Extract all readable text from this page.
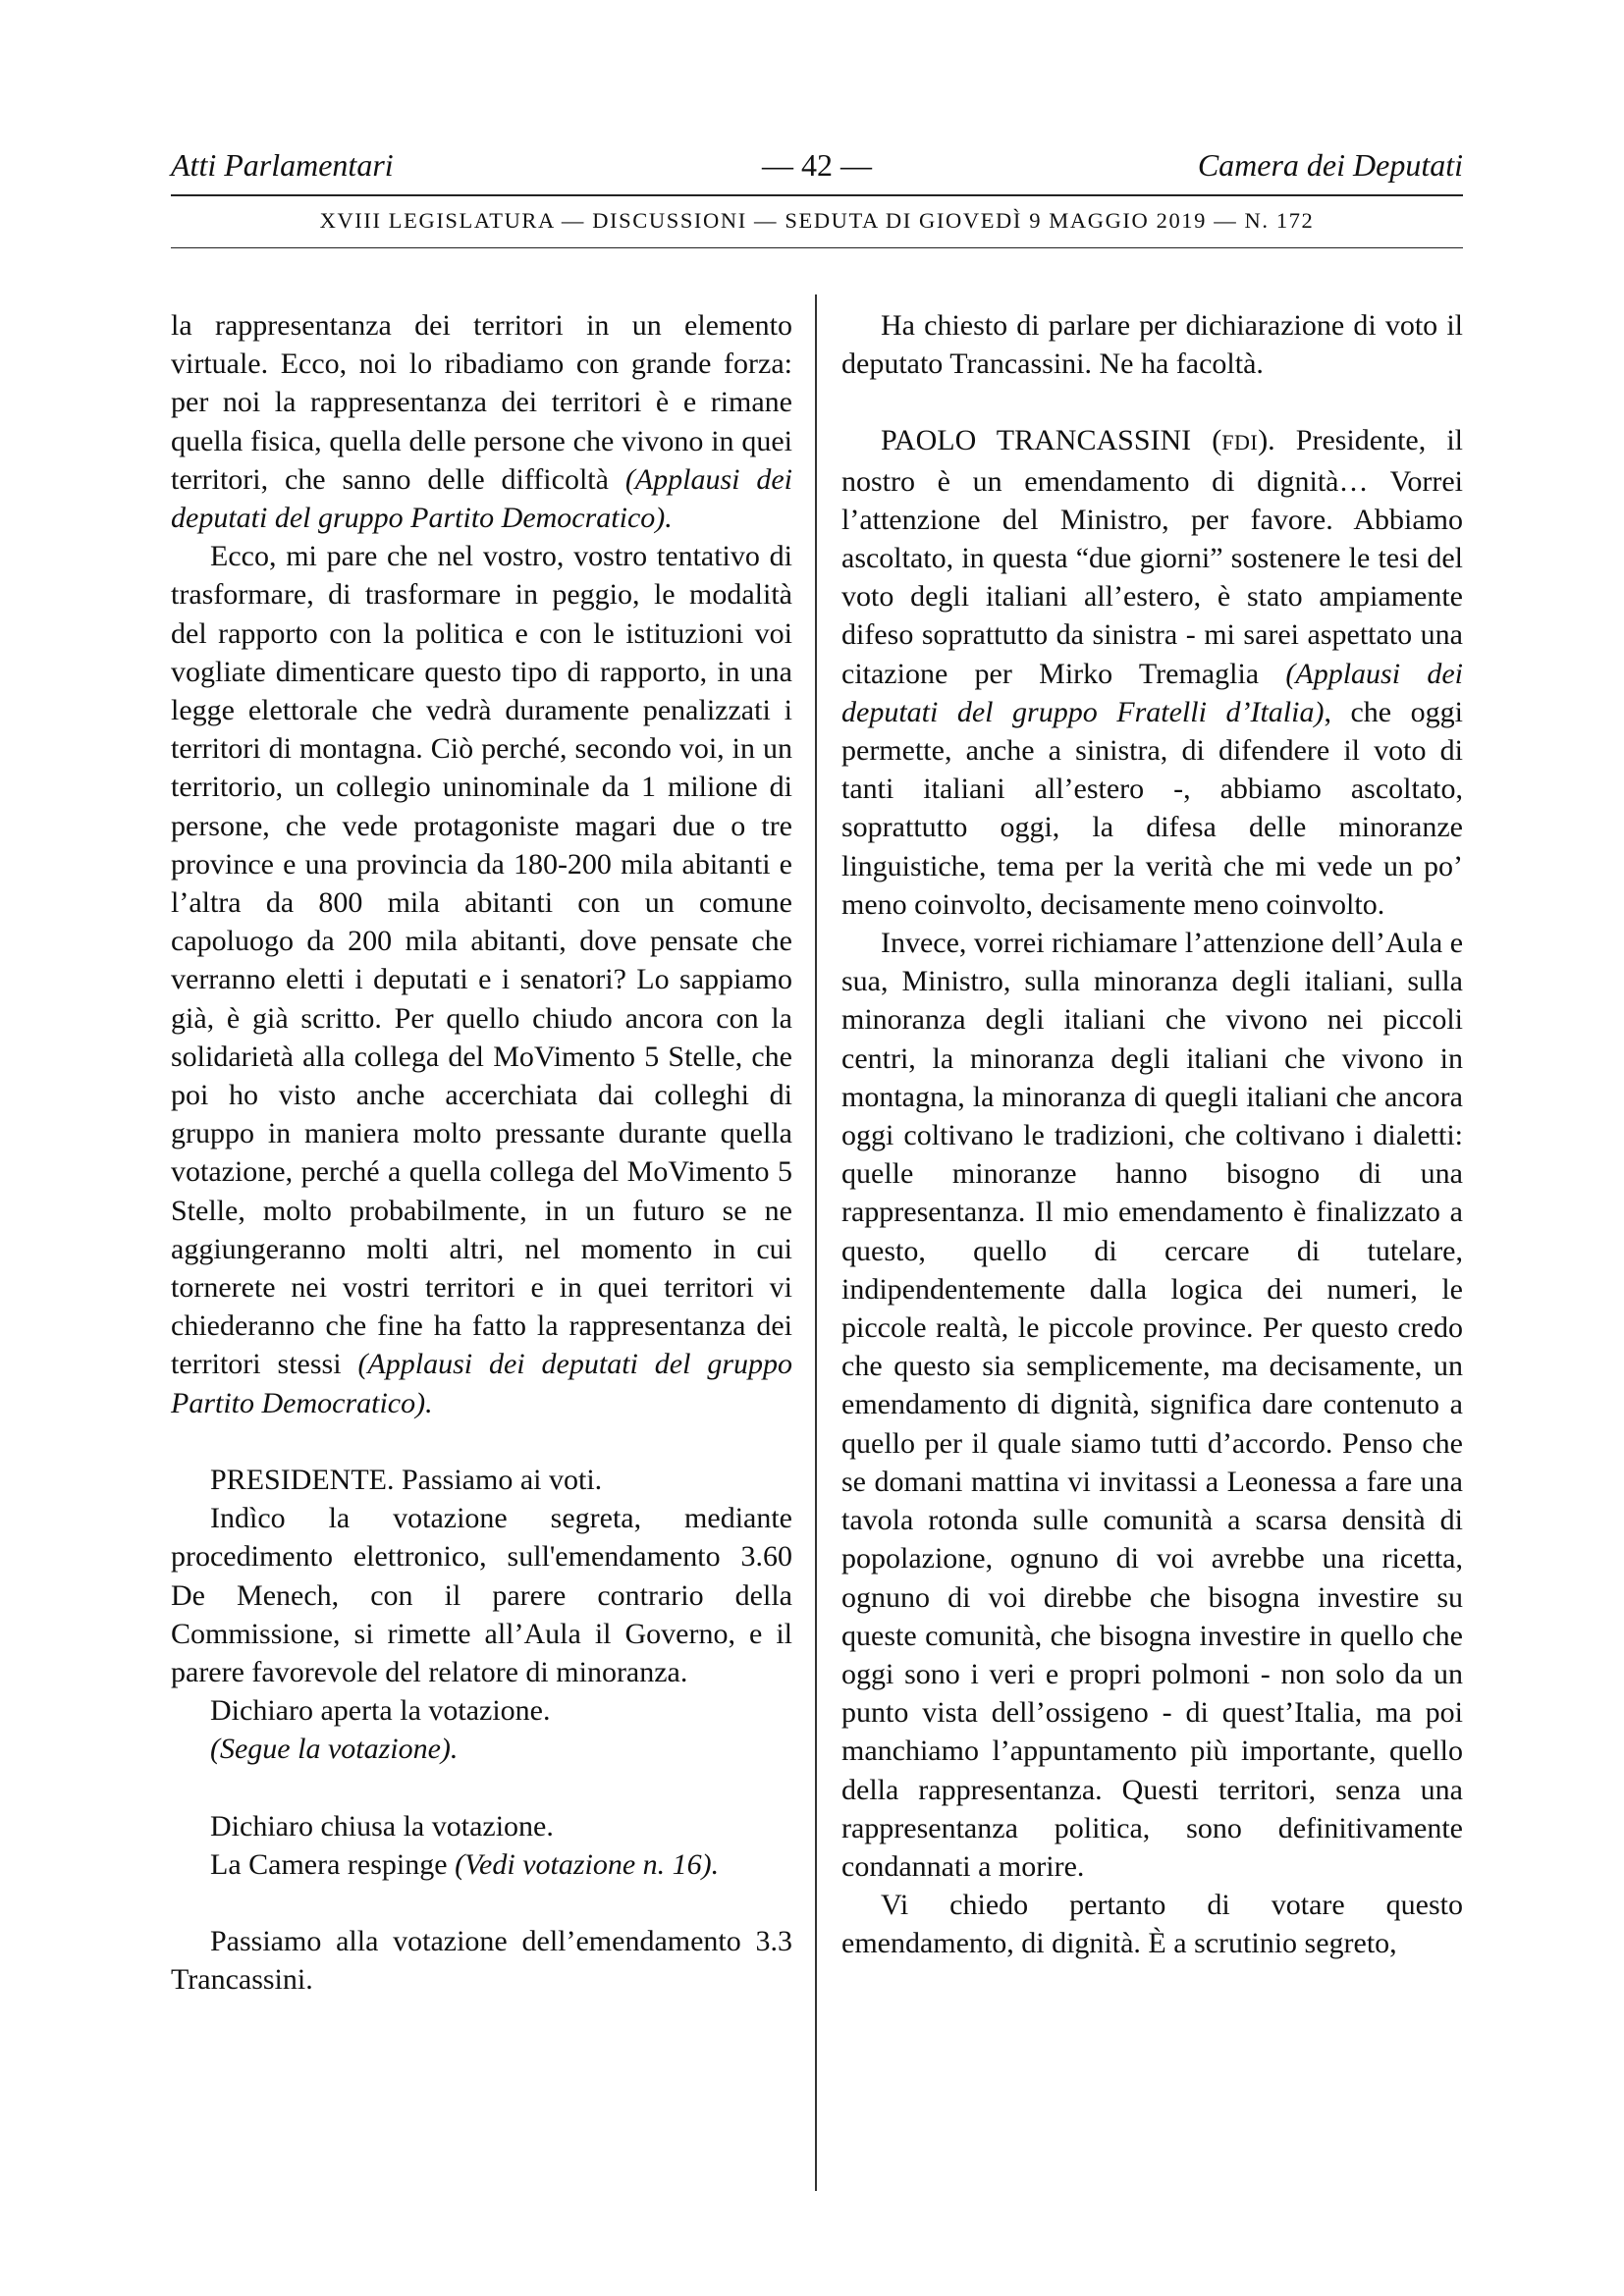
Atti Parlamentari	— 42 —	Camera dei Deputati
XVIII LEGISLATURA — DISCUSSIONI — SEDUTA DI GIOVEDÌ 9 MAGGIO 2019 — N. 172

la rappresentanza dei territori in un elemento virtuale. Ecco, noi lo ribadiamo con grande forza: per noi la rappresentanza dei territori è e rimane quella fisica, quella delle persone che vivono in quei territori, che sanno delle difficoltà (Applausi dei deputati del gruppo Partito Democratico).

Ecco, mi pare che nel vostro, vostro tentativo di trasformare, di trasformare in peggio, le modalità del rapporto con la politica e con le istituzioni voi vogliate dimenticare questo tipo di rapporto, in una legge elettorale che vedrà duramente penalizzati i territori di montagna. Ciò perché, secondo voi, in un territorio, un collegio uninominale da 1 milione di persone, che vede protagoniste magari due o tre province e una provincia da 180-200 mila abitanti e l’altra da 800 mila abitanti con un comune capoluogo da 200 mila abitanti, dove pensate che verranno eletti i deputati e i senatori? Lo sappiamo già, è già scritto. Per quello chiudo ancora con la solidarietà alla collega del MoVimento 5 Stelle, che poi ho visto anche accerchiata dai colleghi di gruppo in maniera molto pressante durante quella votazione, perché a quella collega del MoVimento 5 Stelle, molto probabilmente, in un futuro se ne aggiungeranno molti altri, nel momento in cui tornerete nei vostri territori e in quei territori vi chiederanno che fine ha fatto la rappresentanza dei territori stessi (Applausi dei deputati del gruppo Partito Democratico).

PRESIDENTE. Passiamo ai voti.

Indìco la votazione segreta, mediante procedimento elettronico, sull'emendamento 3.60 De Menech, con il parere contrario della Commissione, si rimette all’Aula il Governo, e il parere favorevole del relatore di minoranza.

Dichiaro aperta la votazione.

(Segue la votazione).

Dichiaro chiusa la votazione.

La Camera respinge (Vedi votazione n. 16).

Passiamo alla votazione dell’emendamento 3.3 Trancassini.

Ha chiesto di parlare per dichiarazione di voto il deputato Trancassini. Ne ha facoltà.

PAOLO TRANCASSINI (FDI). Presidente, il nostro è un emendamento di dignità… Vorrei l’attenzione del Ministro, per favore. Abbiamo ascoltato, in questa “due giorni” sostenere le tesi del voto degli italiani all’estero, è stato ampiamente difeso soprattutto da sinistra - mi sarei aspettato una citazione per Mirko Tremaglia (Applausi dei deputati del gruppo Fratelli d’Italia), che oggi permette, anche a sinistra, di difendere il voto di tanti italiani all’estero -, abbiamo ascoltato, soprattutto oggi, la difesa delle minoranze linguistiche, tema per la verità che mi vede un po’ meno coinvolto, decisamente meno coinvolto.

Invece, vorrei richiamare l’attenzione dell’Aula e sua, Ministro, sulla minoranza degli italiani, sulla minoranza degli italiani che vivono nei piccoli centri, la minoranza degli italiani che vivono in montagna, la minoranza di quegli italiani che ancora oggi coltivano le tradizioni, che coltivano i dialetti: quelle minoranze hanno bisogno di una rappresentanza. Il mio emendamento è finalizzato a questo, quello di cercare di tutelare, indipendentemente dalla logica dei numeri, le piccole realtà, le piccole province. Per questo credo che questo sia semplicemente, ma decisamente, un emendamento di dignità, significa dare contenuto a quello per il quale siamo tutti d’accordo. Penso che se domani mattina vi invitassi a Leonessa a fare una tavola rotonda sulle comunità a scarsa densità di popolazione, ognuno di voi avrebbe una ricetta, ognuno di voi direbbe che bisogna investire su queste comunità, che bisogna investire in quello che oggi sono i veri e propri polmoni - non solo da un punto vista dell’ossigeno - di quest’Italia, ma poi manchiamo l’appuntamento più importante, quello della rappresentanza. Questi territori, senza una rappresentanza politica, sono definitivamente condannati a morire.

Vi chiedo pertanto di votare questo emendamento, di dignità. È a scrutinio segreto,
